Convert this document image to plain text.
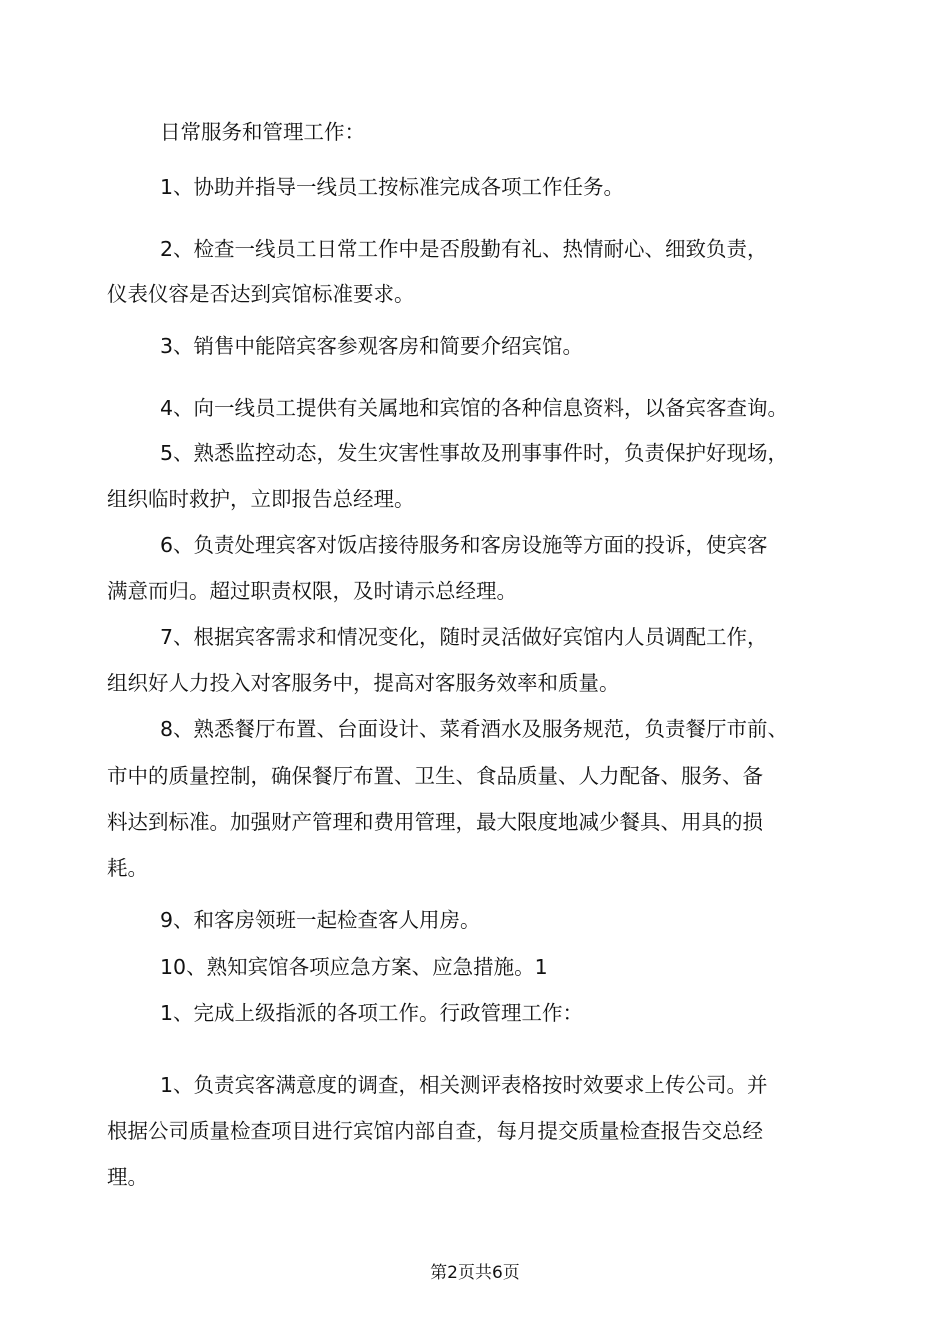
日常服务和管理工作：
1、协助并指导一线员工按标准完成各项工作任务。
2、检查一线员工日常工作中是否殷勤有礼、热情耐心、细致负责，
仪表仪容是否达到宾馆标准要求。
3、销售中能陪宾客参观客房和简要介绍宾馆。
4、向一线员工提供有关属地和宾馆的各种信息资料，以备宾客查询。
5、熟悉监控动态，发生灾害性事故及刑事事件时，负责保护好现场，
组织临时救护，立即报告总经理。
6、负责处理宾客对饭店接待服务和客房设施等方面的投诉，使宾客
满意而归。超过职责权限，及时请示总经理。
7、根据宾客需求和情况变化，随时灵活做好宾馆内人员调配工作，
组织好人力投入对客服务中，提高对客服务效率和质量。
8、熟悉餐厅布置、台面设计、菜肴酒水及服务规范，负责餐厅市前、
市中的质量控制，确保餐厅布置、卫生、食品质量、人力配备、服务、备
料达到标准。加强财产管理和费用管理，最大限度地减少餐具、用具的损
耗。
9、和客房领班一起检查客人用房。
10、熟知宾馆各项应急方案、应急措施。1
1、完成上级指派的各项工作。行政管理工作：
1、负责宾客满意度的调查，相关测评表格按时效要求上传公司。并
根据公司质量检查项目进行宾馆内部自查，每月提交质量检查报告交总经
理。
第2页共6页
